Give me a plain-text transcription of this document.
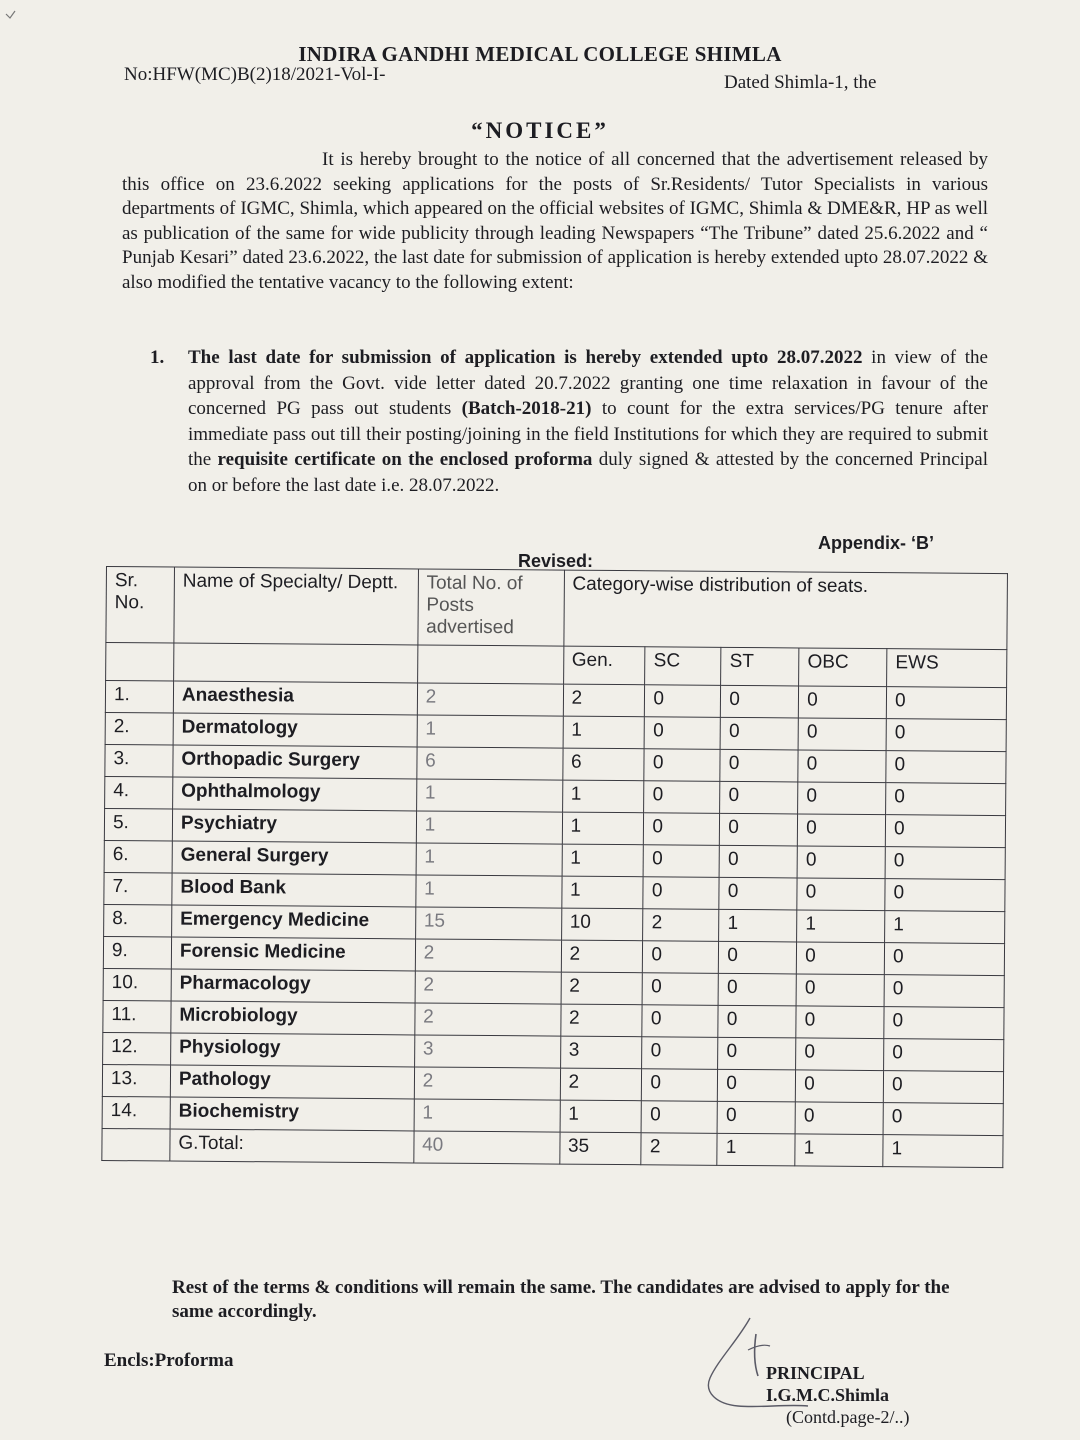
INDIRA GANDHI MEDICAL COLLEGE SHIMLA
No:HFW(MC)B(2)18/2021-Vol-I-	Dated Shimla-1, the
“NOTICE”
It is hereby brought to the notice of all concerned that the advertisement released by this office on 23.6.2022 seeking applications for the posts of Sr.Residents/ Tutor Specialists in various departments of IGMC, Shimla, which appeared on the official websites of IGMC, Shimla & DME&R, HP as well as publication of the same for wide publicity through leading Newspapers “The Tribune” dated 25.6.2022 and “ Punjab Kesari” dated 23.6.2022, the last date for submission of application is hereby extended upto 28.07.2022 & also modified the tentative vacancy to the following extent:
1. The last date for submission of application is hereby extended upto 28.07.2022 in view of the approval from the Govt. vide letter dated 20.7.2022 granting one time relaxation in favour of the concerned PG pass out students (Batch-2018-21) to count for the extra services/PG tenure after immediate pass out till their posting/joining in the field Institutions for which they are required to submit the requisite certificate on the enclosed proforma duly signed & attested by the concerned Principal on or before the last date i.e. 28.07.2022.
Appendix- ‘B’
Revised:
Sr. No.	Name of Specialty/ Deptt.	Total No. of Posts advertised	Category-wise distribution of seats.				
			Gen.	SC	ST	OBC	EWS
1.	Anaesthesia	2	2	0	0	0	0
2.	Dermatology	1	1	0	0	0	0
3.	Orthopadic Surgery	6	6	0	0	0	0
4.	Ophthalmology	1	1	0	0	0	0
5.	Psychiatry	1	1	0	0	0	0
6.	General Surgery	1	1	0	0	0	0
7.	Blood Bank	1	1	0	0	0	0
8.	Emergency Medicine	15	10	2	1	1	1
9.	Forensic Medicine	2	2	0	0	0	0
10.	Pharmacology	2	2	0	0	0	0
11.	Microbiology	2	2	0	0	0	0
12.	Physiology	3	3	0	0	0	0
13.	Pathology	2	2	0	0	0	0
14.	Biochemistry	1	1	0	0	0	0
	G.Total:	40	35	2	1	1	1
Rest of the terms & conditions will remain the same. The candidates are advised to apply for the same accordingly.
Encls:Proforma
PRINCIPAL
I.G.M.C.Shimla
(Contd.page-2/..)
